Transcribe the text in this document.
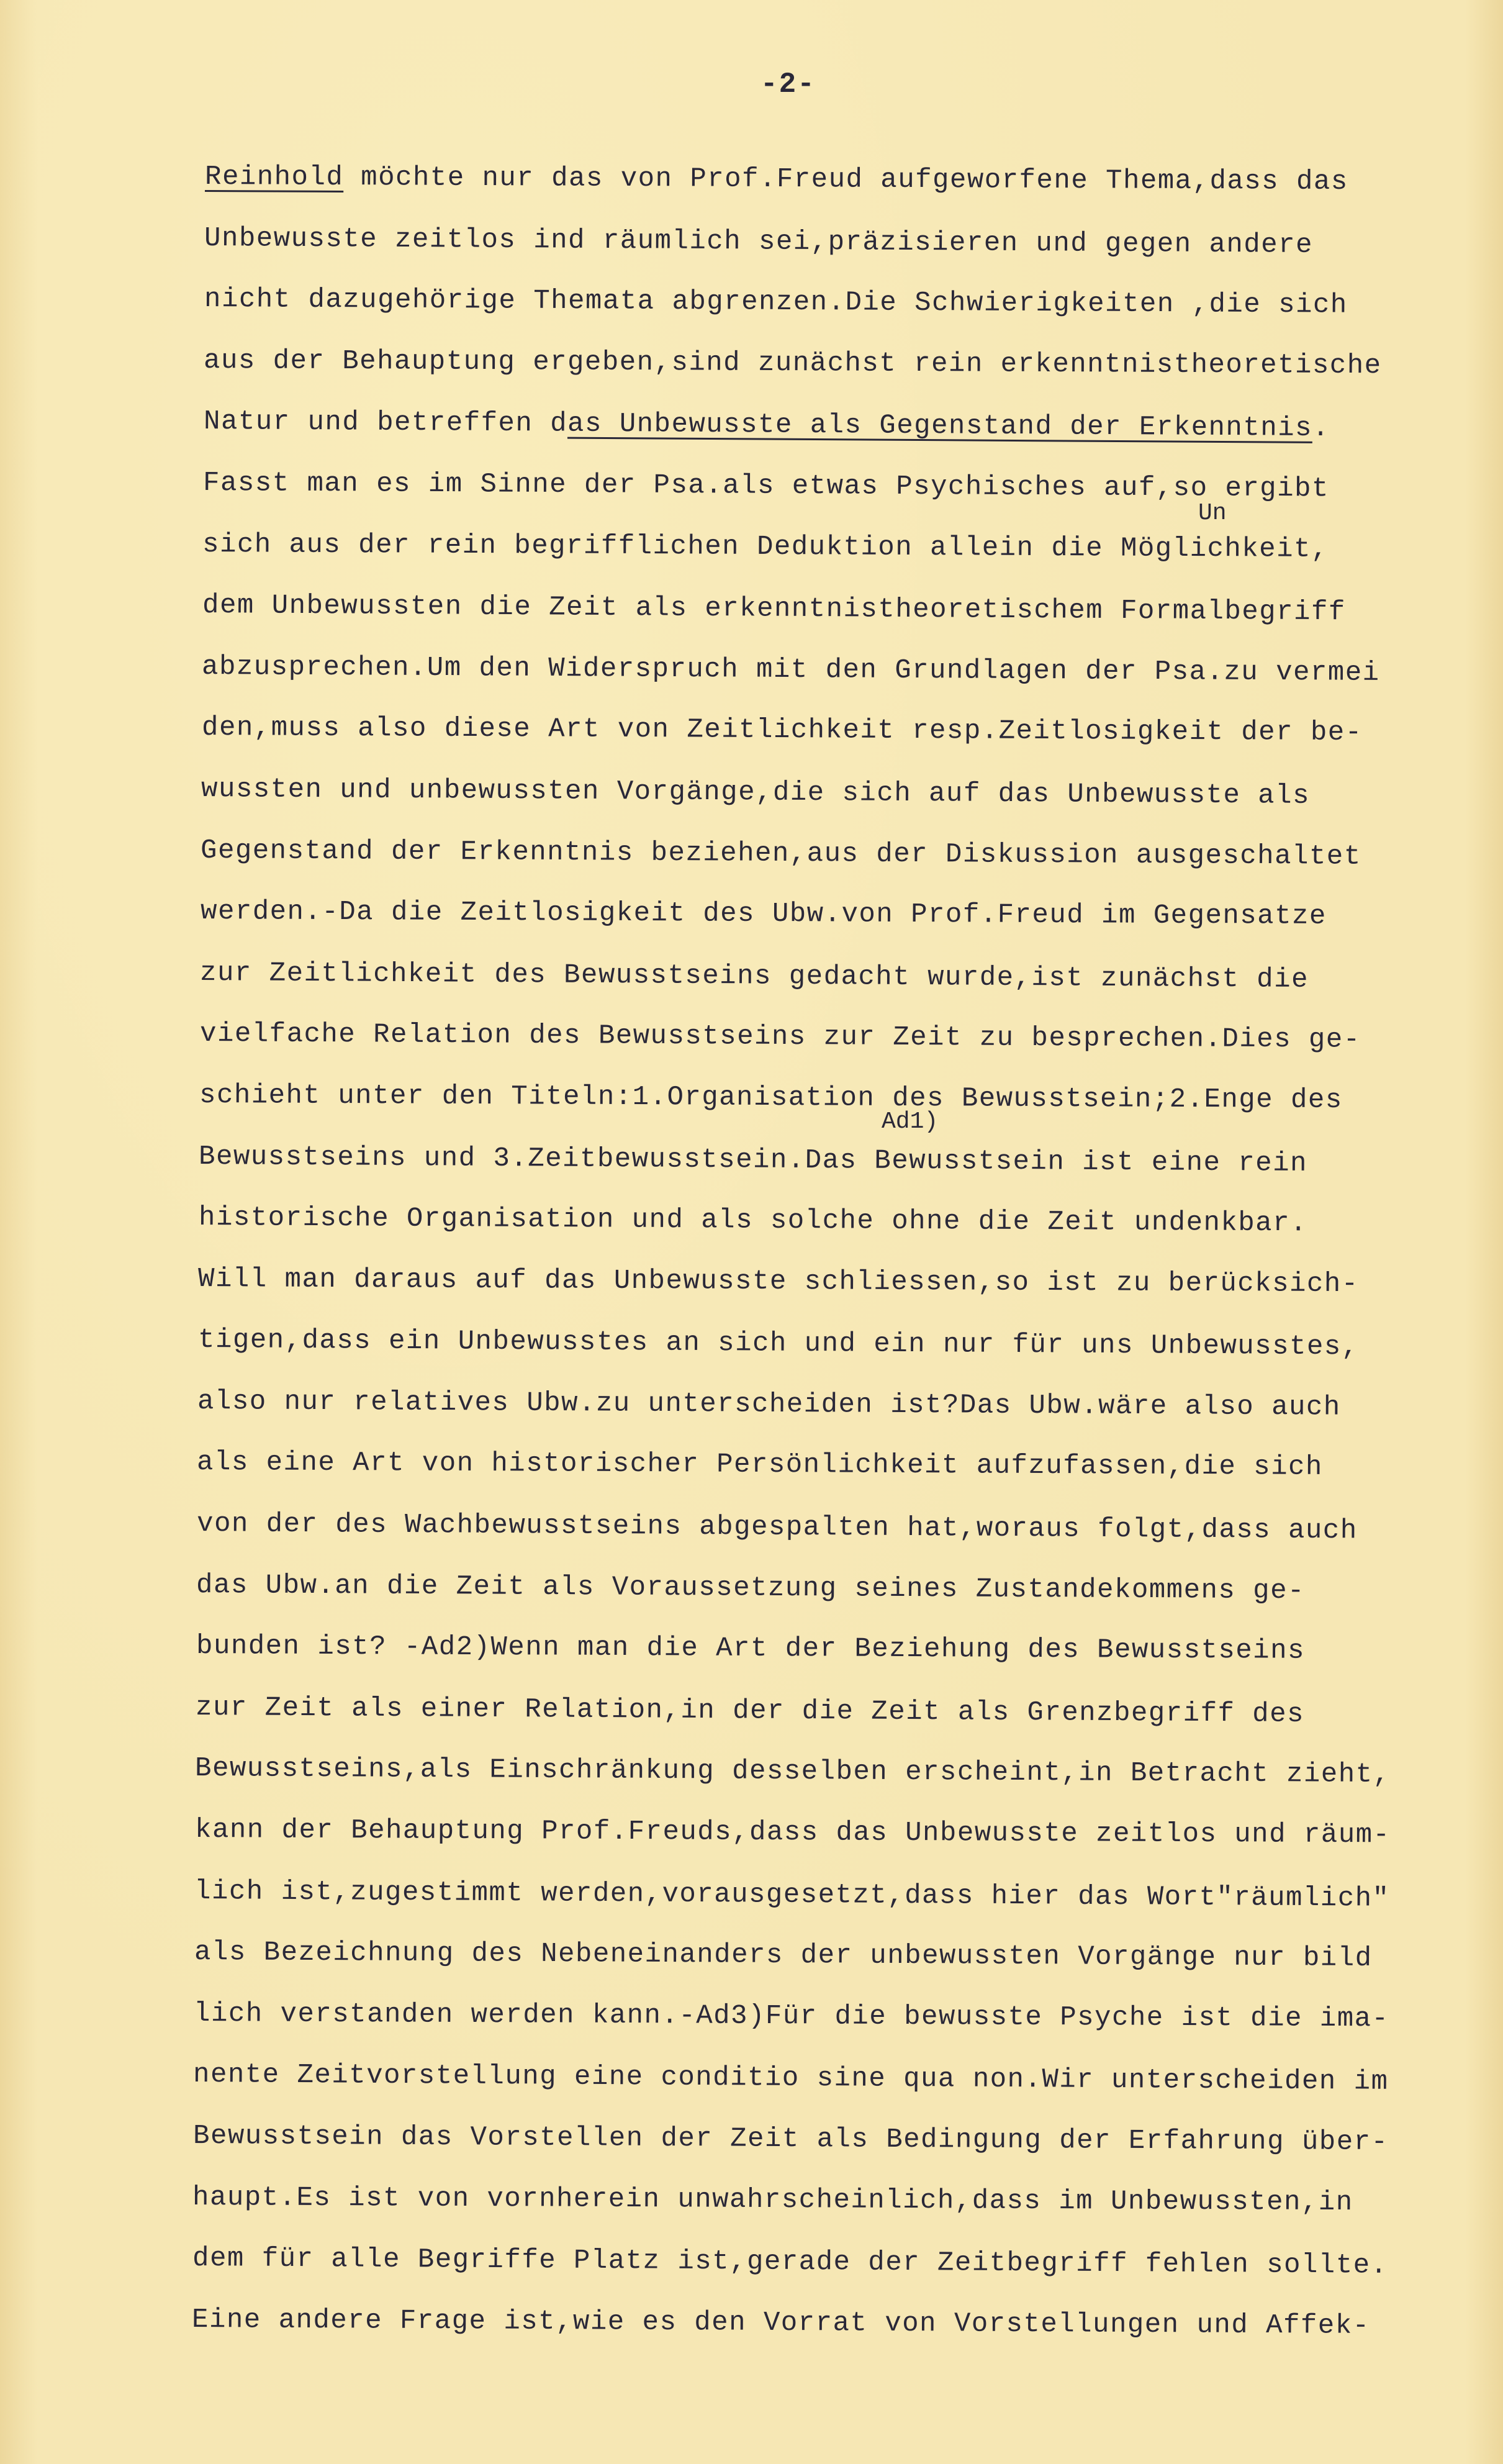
-2-
Un
Ad1)
Reinhold möchte nur das von Prof.Freud aufgeworfene Thema,dass das
Unbewusste zeitlos ind räumlich sei,präzisieren und gegen andere
nicht dazugehörige Themata abgrenzen.Die Schwierigkeiten ,die sich
aus der Behauptung ergeben,sind zunächst rein erkenntnistheoretische
Natur und betreffen das Unbewusste als Gegenstand der Erkenntnis.
Fasst man es im Sinne der Psa.als etwas Psychisches auf,so ergibt
sich aus der rein begrifflichen Deduktion allein die Möglichkeit,
dem Unbewussten die Zeit als erkenntnistheoretischem Formalbegriff
abzusprechen.Um den Widerspruch mit den Grundlagen der Psa.zu vermei
den,muss also diese Art von Zeitlichkeit resp.Zeitlosigkeit der be-
wussten und unbewussten Vorgänge,die sich auf das Unbewusste als
Gegenstand der Erkenntnis beziehen,aus der Diskussion ausgeschaltet
werden.-Da die Zeitlosigkeit des Ubw.von Prof.Freud im Gegensatze
zur Zeitlichkeit des Bewusstseins gedacht wurde,ist zunächst die
vielfache Relation des Bewusstseins zur Zeit zu besprechen.Dies ge-
schieht unter den Titeln:1.Organisation des Bewusstsein;2.Enge des
Bewusstseins und 3.Zeitbewusstsein.Das Bewusstsein ist eine rein
historische Organisation und als solche ohne die Zeit undenkbar.
Will man daraus auf das Unbewusste schliessen,so ist zu berücksich-
tigen,dass ein Unbewusstes an sich und ein nur für uns Unbewusstes,
also nur relatives Ubw.zu unterscheiden ist?Das Ubw.wäre also auch
als eine Art von historischer Persönlichkeit aufzufassen,die sich
von der des Wachbewusstseins abgespalten hat,woraus folgt,dass auch
das Ubw.an die Zeit als Voraussetzung seines Zustandekommens ge-
bunden ist? -Ad2)Wenn man die Art der Beziehung des Bewusstseins
zur Zeit als einer Relation,in der die Zeit als Grenzbegriff des
Bewusstseins,als Einschränkung desselben erscheint,in Betracht zieht,
kann der Behauptung Prof.Freuds,dass das Unbewusste zeitlos und räum-
lich ist,zugestimmt werden,vorausgesetzt,dass hier das Wort"räumlich"
als Bezeichnung des Nebeneinanders der unbewussten Vorgänge nur bild
lich verstanden werden kann.-Ad3)Für die bewusste Psyche ist die ima-
nente Zeitvorstellung eine conditio sine qua non.Wir unterscheiden im
Bewusstsein das Vorstellen der Zeit als Bedingung der Erfahrung über-
haupt.Es ist von vornherein unwahrscheinlich,dass im Unbewussten,in
dem für alle Begriffe Platz ist,gerade der Zeitbegriff fehlen sollte.
Eine andere Frage ist,wie es den Vorrat von Vorstellungen und Affek-
